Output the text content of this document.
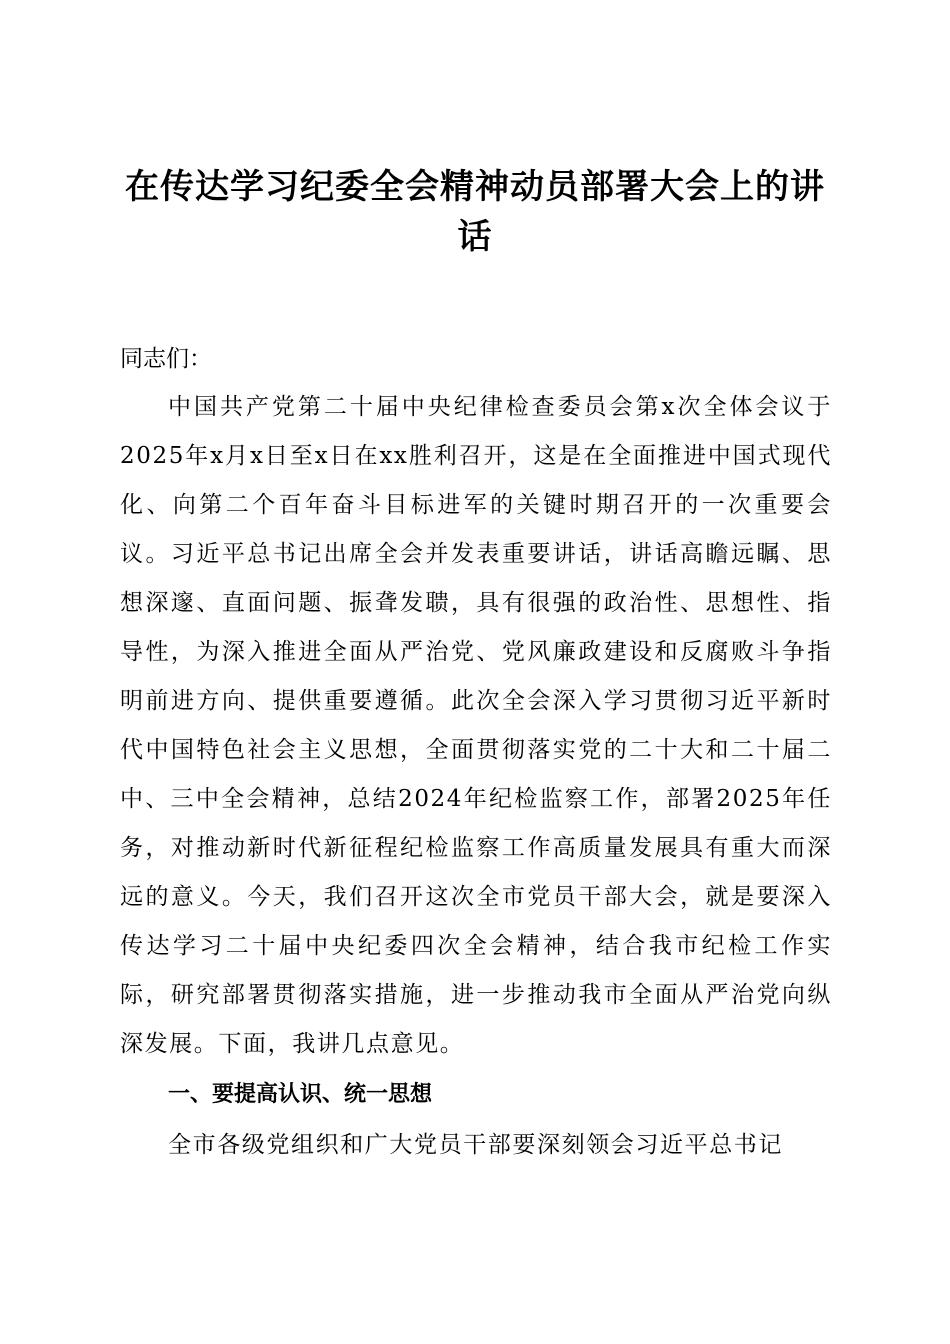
在传达学习纪委全会精神动员部署大会上的讲话

同志们：

中国共产党第二十届中央纪律检查委员会第x次全体会议于2025年x月x日至x日在xx胜利召开，这是在全面推进中国式现代化、向第二个百年奋斗目标进军的关键时期召开的一次重要会议。习近平总书记出席全会并发表重要讲话，讲话高瞻远瞩、思想深邃、直面问题、振聋发聩，具有很强的政治性、思想性、指导性，为深入推进全面从严治党、党风廉政建设和反腐败斗争指明前进方向、提供重要遵循。此次全会深入学习贯彻习近平新时代中国特色社会主义思想，全面贯彻落实党的二十大和二十届二中、三中全会精神，总结2024年纪检监察工作，部署2025年任务，对推动新时代新征程纪检监察工作高质量发展具有重大而深远的意义。今天，我们召开这次全市党员干部大会，就是要深入传达学习二十届中央纪委四次全会精神，结合我市纪检工作实际，研究部署贯彻落实措施，进一步推动我市全面从严治党向纵深发展。下面，我讲几点意见。

一、要提高认识、统一思想

全市各级党组织和广大党员干部要深刻领会习近平总书记
